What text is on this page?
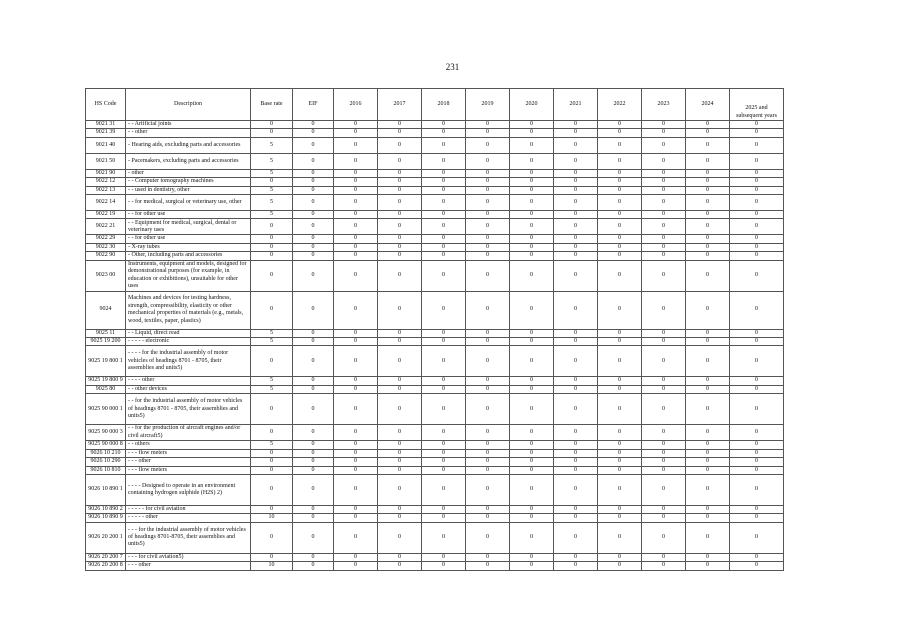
231
HS Code	Description	Base rate	EIF	2016	2017	2018	2019	2020	2021	2022	2023	2024	2025 and subsequent years
9021 31	- - Artificial joints	0	0	0	0	0	0	0	0	0	0	0	0
9021 39	- - other	0	0	0	0	0	0	0	0	0	0	0	0
9021 40	- Hearing aids, excluding parts and accessories	5	0	0	0	0	0	0	0	0	0	0	0
9021 50	- Pacemakers, excluding parts and accessories	5	0	0	0	0	0	0	0	0	0	0	0
9021 90	- other	5	0	0	0	0	0	0	0	0	0	0	0
9022 12	- - Computer tomography machines	0	0	0	0	0	0	0	0	0	0	0	0
9022 13	- - used in dentistry, other	5	0	0	0	0	0	0	0	0	0	0	0
9022 14	- - for medical, surgical or veterinary use, other	5	0	0	0	0	0	0	0	0	0	0	0
9022 19	- - for other use	5	0	0	0	0	0	0	0	0	0	0	0
9022 21	- - Equipment for medical, surgical, dental or veterinary uses	0	0	0	0	0	0	0	0	0	0	0	0
9022 29	- - for other use	0	0	0	0	0	0	0	0	0	0	0	0
9022 30	- X-ray tubes	0	0	0	0	0	0	0	0	0	0	0	0
9022 90	- Other, including parts and accessories	0	0	0	0	0	0	0	0	0	0	0	0
9023 00	Instruments, equipment and models, designed for demonstrational purposes (for example, in education or exhibitions), unsuitable for other uses	0	0	0	0	0	0	0	0	0	0	0	0
9024	Machines and devices for testing hardness, strength, compressibility, elasticity or other mechanical properties of materials (e.g., metals, wood, textiles, paper, plastics)	0	0	0	0	0	0	0	0	0	0	0	0
9025 11	- - Liquid, direct read	5	0	0	0	0	0	0	0	0	0	0	0
9025 19 200	- - - - - electronic	5	0	0	0	0	0	0	0	0	0	0	0
9025 19 800 1	- - - - for the industrial assembly of motor vehicles of headings 8701 - 8705, their assemblies and units5)	0	0	0	0	0	0	0	0	0	0	0	0
9025 19 800 9	- - - - other	5	0	0	0	0	0	0	0	0	0	0	0
9025 80	- - other devices	5	0	0	0	0	0	0	0	0	0	0	0
9025 90 000 1	- - for the industrial assembly of motor vehicles of headings 8701 - 8705, their assemblies and units5)	0	0	0	0	0	0	0	0	0	0	0	0
9025 90 000 3	- - for the production of aircraft engines and/or civil aircraft5)	0	0	0	0	0	0	0	0	0	0	0	0
9025 90 000 8	- - others	5	0	0	0	0	0	0	0	0	0	0	0
9026 10 210	- - - flow meters	0	0	0	0	0	0	0	0	0	0	0	0
9026 10 290	- - - other	0	0	0	0	0	0	0	0	0	0	0	0
9026 10 810	- - - flow meters	0	0	0	0	0	0	0	0	0	0	0	0
9026 10 890 1	- - - - Designed to operate in an environment containing hydrogen sulphide (H2S) 2)	0	0	0	0	0	0	0	0	0	0	0	0
9026 10 890 2	- - - - - for civil aviation	0	0	0	0	0	0	0	0	0	0	0	0
9026 10 890 9	- - - - - other	10	0	0	0	0	0	0	0	0	0	0	0
9026 20 200 1	- - - for the industrial assembly of motor vehicles of headings 8701-8705, their assemblies and units5)	0	0	0	0	0	0	0	0	0	0	0	0
9026 20 200 7	- - - for civil aviation5)	0	0	0	0	0	0	0	0	0	0	0	0
9026 20 200 8	- - - other	10	0	0	0	0	0	0	0	0	0	0	0
